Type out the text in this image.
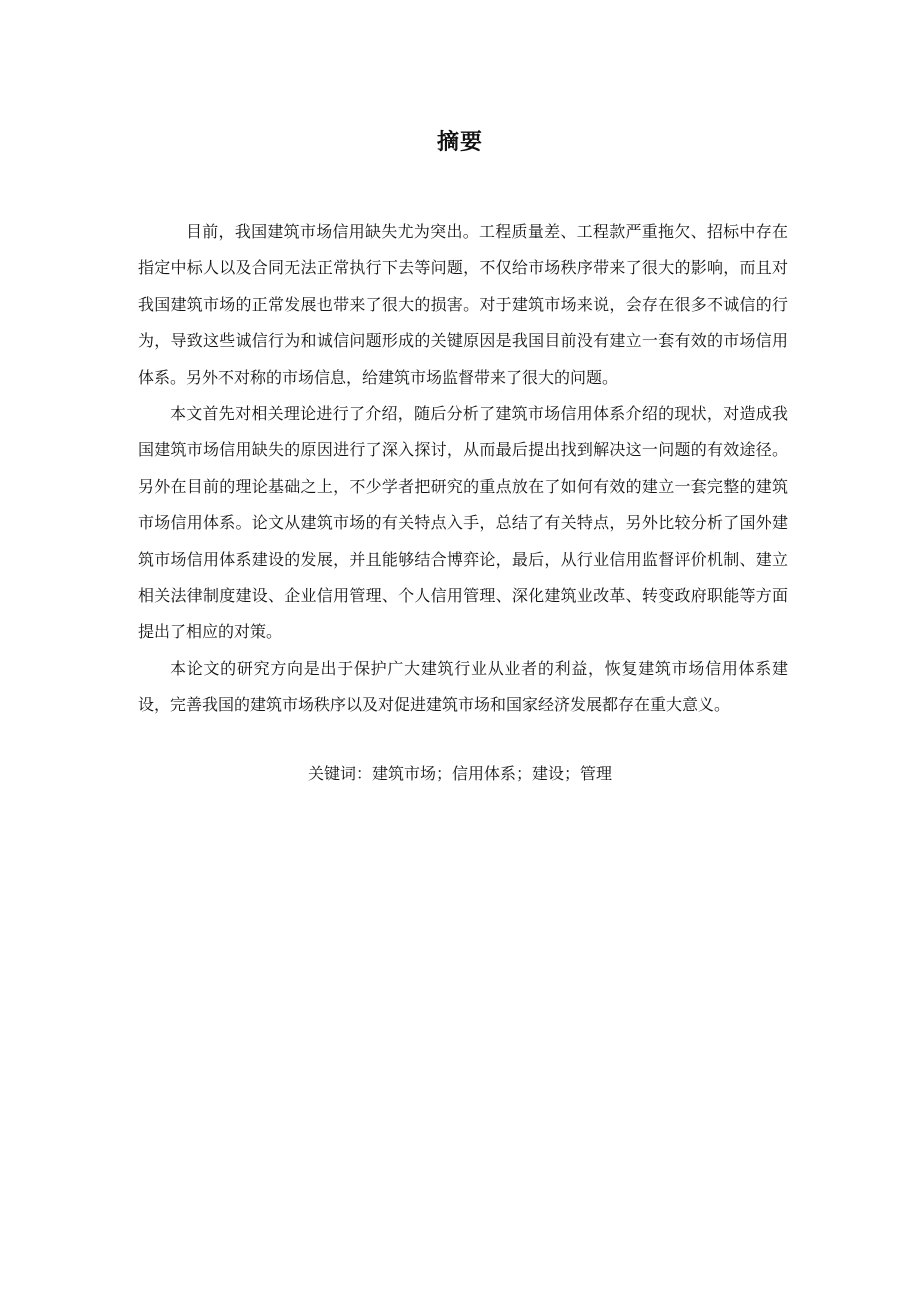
摘要

目前，我国建筑市场信用缺失尤为突出。工程质量差、工程款严重拖欠、招标中存在指定中标人以及合同无法正常执行下去等问题，不仅给市场秩序带来了很大的影响，而且对我国建筑市场的正常发展也带来了很大的损害。对于建筑市场来说，会存在很多不诚信的行为，导致这些诚信行为和诚信问题形成的关键原因是我国目前没有建立一套有效的市场信用体系。另外不对称的市场信息，给建筑市场监督带来了很大的问题。

本文首先对相关理论进行了介绍，随后分析了建筑市场信用体系介绍的现状，对造成我国建筑市场信用缺失的原因进行了深入探讨，从而最后提出找到解决这一问题的有效途径。另外在目前的理论基础之上，不少学者把研究的重点放在了如何有效的建立一套完整的建筑市场信用体系。论文从建筑市场的有关特点入手，总结了有关特点，另外比较分析了国外建筑市场信用体系建设的发展，并且能够结合博弈论，最后，从行业信用监督评价机制、建立相关法律制度建设、企业信用管理、个人信用管理、深化建筑业改革、转变政府职能等方面提出了相应的对策。

本论文的研究方向是出于保护广大建筑行业从业者的利益，恢复建筑市场信用体系建设，完善我国的建筑市场秩序以及对促进建筑市场和国家经济发展都存在重大意义。

关键词：建筑市场；信用体系；建设；管理
